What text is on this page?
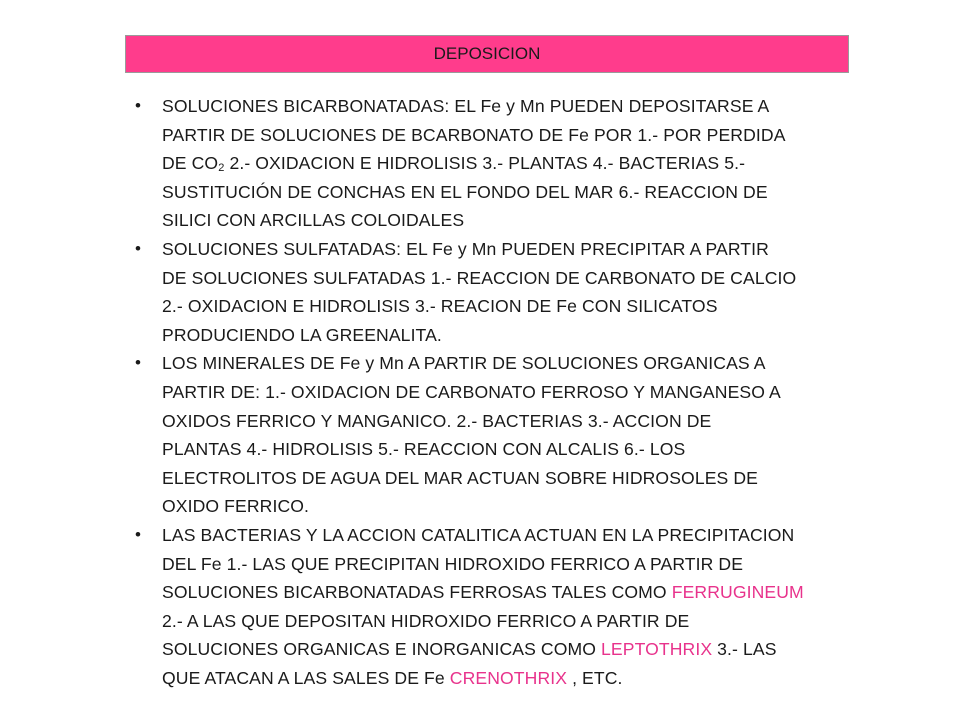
DEPOSICION
• SOLUCIONES BICARBONATADAS: EL Fe y Mn PUEDEN DEPOSITARSE A
PARTIR DE SOLUCIONES DE BCARBONATO DE Fe POR 1.- POR PERDIDA
DE $CO_2$ 2.- OXIDACION E HIDROLISIS 3.- PLANTAS 4.- BACTERIAS 5.-
SUSTITUCIÓN DE CONCHAS EN EL FONDO DEL MAR 6.- REACCION DE
SILICI CON ARCILLAS COLOIDALES
• SOLUCIONES SULFATADAS: EL Fe y Mn PUEDEN PRECIPITAR A PARTIR
DE SOLUCIONES SULFATADAS 1.- REACCION DE CARBONATO DE CALCIO
2.- OXIDACION E HIDROLISIS 3.- REACION DE Fe CON SILICATOS
PRODUCIENDO LA GREENALITA.
• LOS MINERALES DE Fe y Mn A PARTIR DE SOLUCIONES ORGANICAS A
PARTIR DE: 1.- OXIDACION DE CARBONATO FERROSO Y MANGANESO A
OXIDOS FERRICO Y MANGANICO. 2.- BACTERIAS 3.- ACCION DE
PLANTAS 4.- HIDROLISIS 5.- REACCION CON ALCALIS 6.- LOS
ELECTROLITOS DE AGUA DEL MAR ACTUAN SOBRE HIDROSOLES DE
OXIDO FERRICO.
• LAS BACTERIAS Y LA ACCION CATALITICA ACTUAN EN LA PRECIPITACION
DEL Fe 1.- LAS QUE PRECIPITAN HIDROXIDO FERRICO A PARTIR DE
SOLUCIONES BICARBONATADAS FERROSAS TALES COMO FERRUGINEUM
2.- A LAS QUE DEPOSITAN HIDROXIDO FERRICO A PARTIR DE
SOLUCIONES ORGANICAS E INORGANICAS COMO LEPTOTHRIX 3.- LAS
QUE ATACAN A LAS SALES DE Fe CRENOTHRIX , ETC.
